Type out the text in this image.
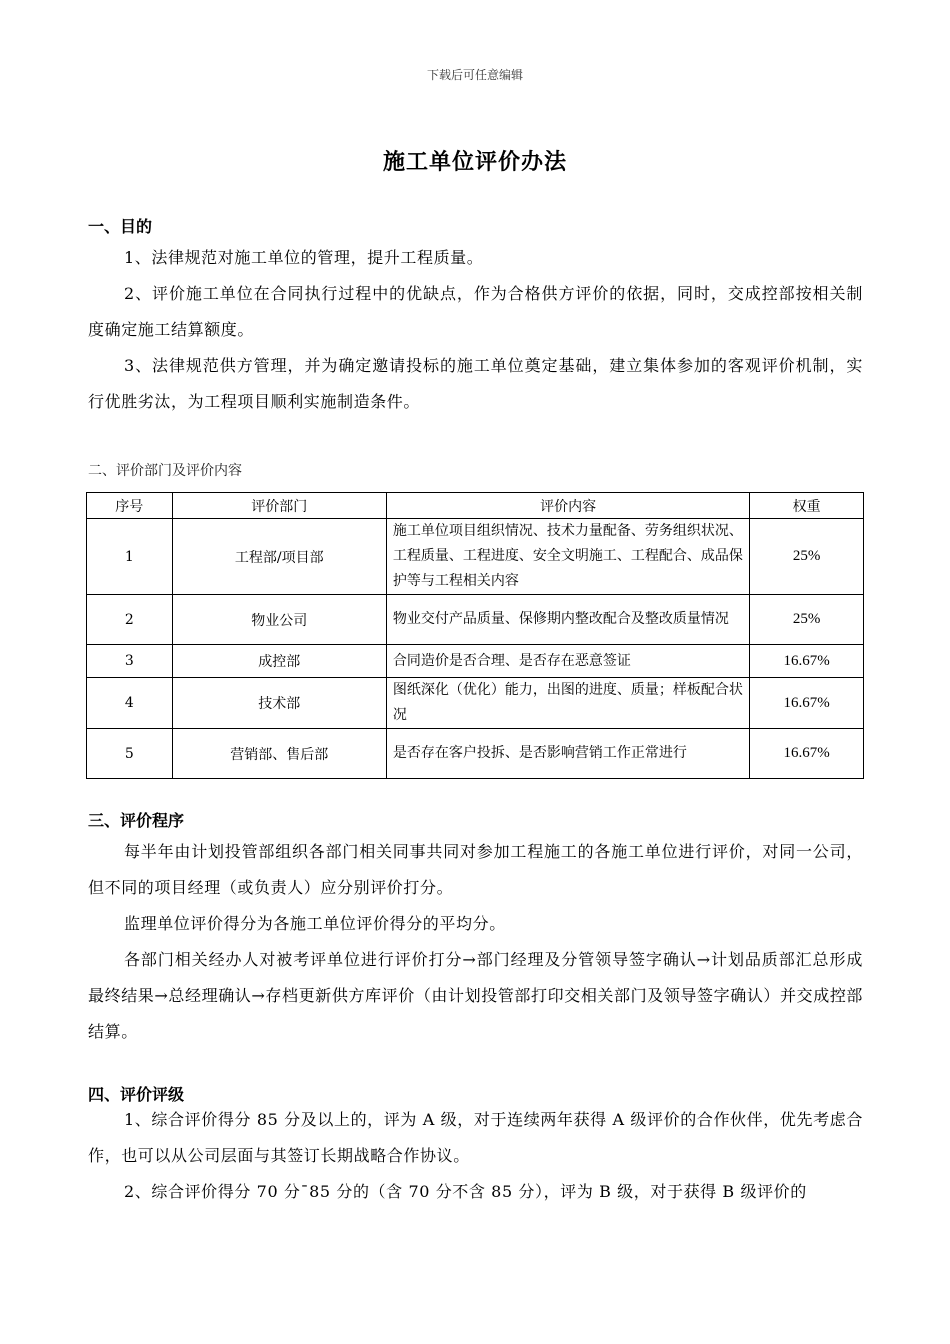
下载后可任意编辑
施工单位评价办法
一、目的
1、法律规范对施工单位的管理，提升工程质量。
2、评价施工单位在合同执行过程中的优缺点，作为合格供方评价的依据，同时，交成控部按相关制度确定施工结算额度。
3、法律规范供方管理，并为确定邀请投标的施工单位奠定基础，建立集体参加的客观评价机制，实行优胜劣汰，为工程项目顺利实施制造条件。
二、评价部门及评价内容
序号	评价部门	评价内容	权重
1	工程部/项目部	施工单位项目组织情况、技术力量配备、劳务组织状况、工程质量、工程进度、安全文明施工、工程配合、成品保护等与工程相关内容	25%
2	物业公司	物业交付产品质量、保修期内整改配合及整改质量情况	25%
3	成控部	合同造价是否合理、是否存在恶意签证	16.67%
4	技术部	图纸深化（优化）能力，出图的进度、质量；样板配合状况	16.67%
5	营销部、售后部	是否存在客户投拆、是否影响营销工作正常进行	16.67%
三、评价程序
每半年由计划投管部组织各部门相关同事共同对参加工程施工的各施工单位进行评价，对同一公司，但不同的项目经理（或负责人）应分别评价打分。
监理单位评价得分为各施工单位评价得分的平均分。
各部门相关经办人对被考评单位进行评价打分→部门经理及分管领导签字确认→计划品质部汇总形成最终结果→总经理确认→存档更新供方库评价（由计划投管部打印交相关部门及领导签字确认）并交成控部结算。
四、评价评级
1、综合评价得分 85 分及以上的，评为 A 级，对于连续两年获得 A 级评价的合作伙伴，优先考虑合作，也可以从公司层面与其签订长期战略合作协议。
2、综合评价得分 70 分¯85 分的（含 70 分不含 85 分），评为 B 级，对于获得 B 级评价的
